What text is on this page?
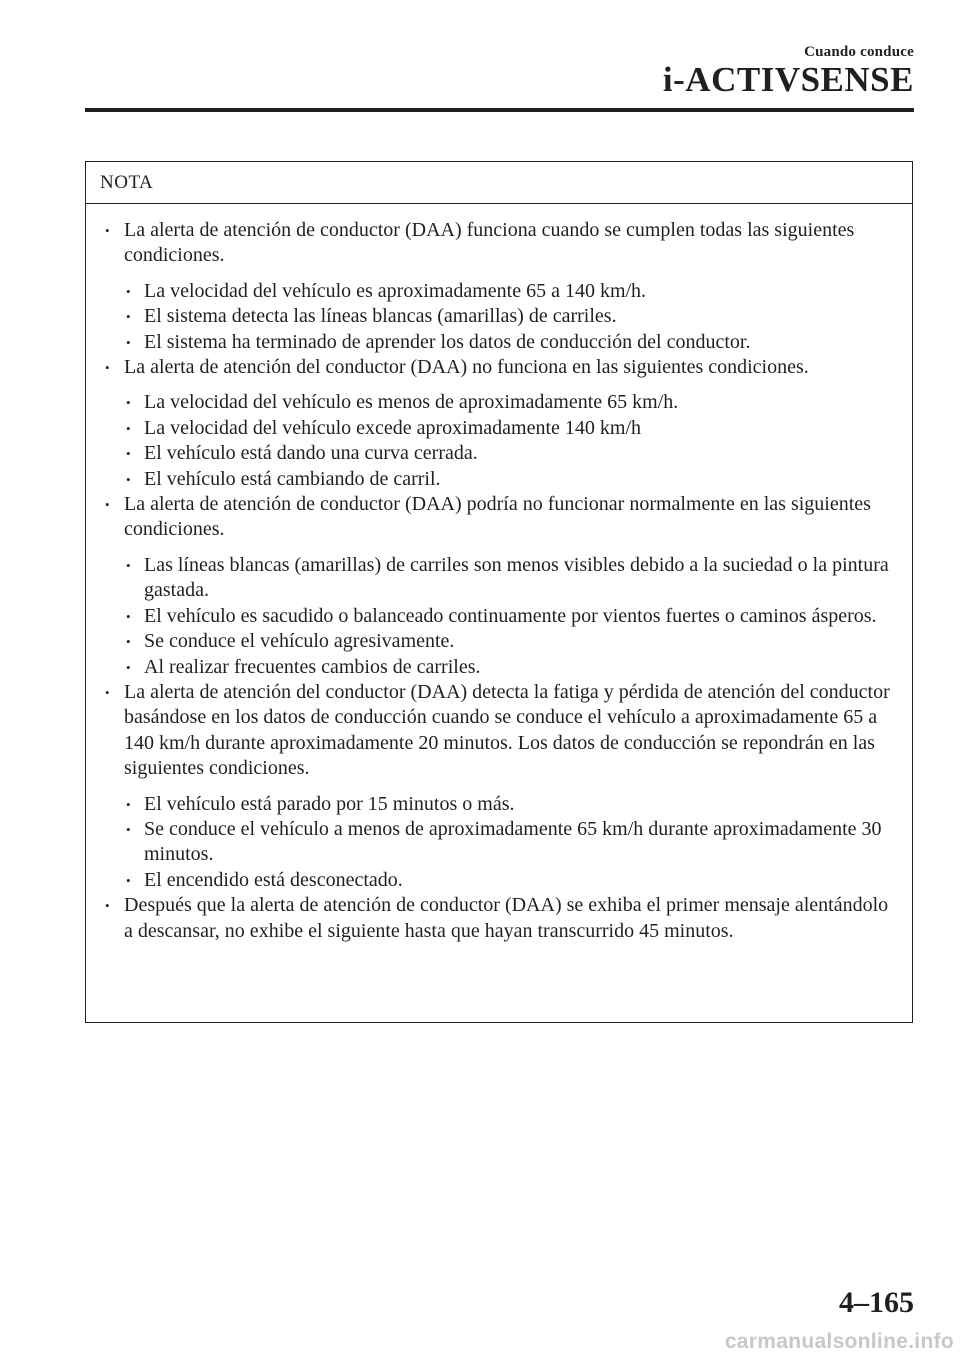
Cuando conduce
i-ACTIVSENSE
NOTA
• La alerta de atención de conductor (DAA) funciona cuando se cumplen todas las siguientes condiciones.
• La velocidad del vehículo es aproximadamente 65 a 140 km/h.
• El sistema detecta las líneas blancas (amarillas) de carriles.
• El sistema ha terminado de aprender los datos de conducción del conductor.
• La alerta de atención del conductor (DAA) no funciona en las siguientes condiciones.
• La velocidad del vehículo es menos de aproximadamente 65 km/h.
• La velocidad del vehículo excede aproximadamente 140 km/h
• El vehículo está dando una curva cerrada.
• El vehículo está cambiando de carril.
• La alerta de atención de conductor (DAA) podría no funcionar normalmente en las siguientes condiciones.
• Las líneas blancas (amarillas) de carriles son menos visibles debido a la suciedad o la pintura gastada.
• El vehículo es sacudido o balanceado continuamente por vientos fuertes o caminos ásperos.
• Se conduce el vehículo agresivamente.
• Al realizar frecuentes cambios de carriles.
• La alerta de atención del conductor (DAA) detecta la fatiga y pérdida de atención del conductor basándose en los datos de conducción cuando se conduce el vehículo a aproximadamente 65 a 140 km/h durante aproximadamente 20 minutos. Los datos de conducción se repondrán en las siguientes condiciones.
• El vehículo está parado por 15 minutos o más.
• Se conduce el vehículo a menos de aproximadamente 65 km/h durante aproximadamente 30 minutos.
• El encendido está desconectado.
• Después que la alerta de atención de conductor (DAA) se exhiba el primer mensaje alentándolo a descansar, no exhibe el siguiente hasta que hayan transcurrido 45 minutos.
4–165
carmanualsonline.info
